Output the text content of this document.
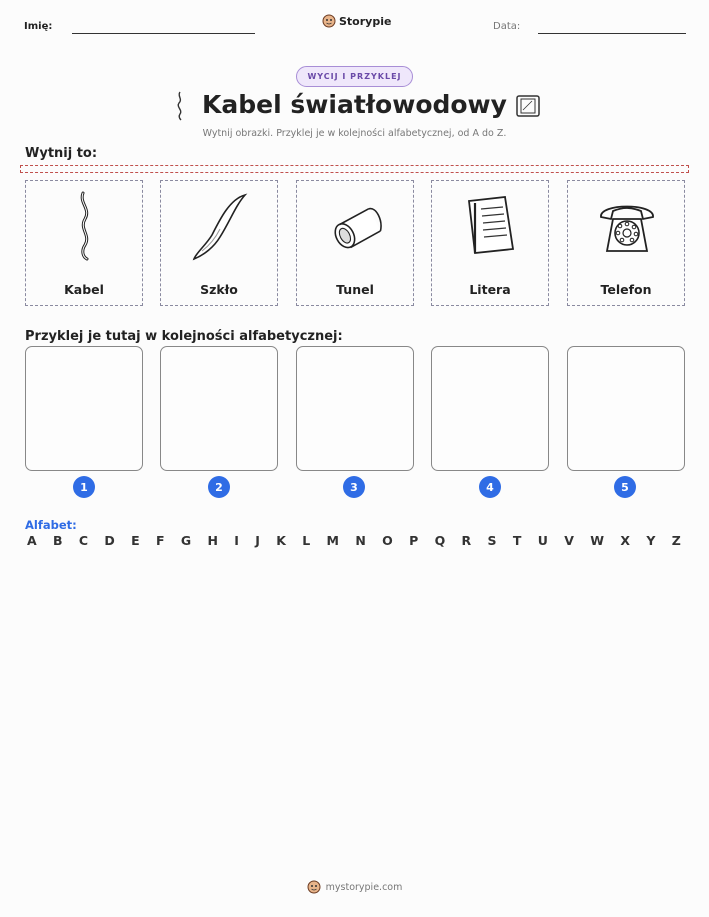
Imię:	Storypie	Data:
WYCIJ I PRZYKLEJ
Kabel światłowodowy
Wytnij obrazki. Przyklej je w kolejności alfabetycznej, od A do Z.
Wytnij to:
Kabel	Szkło	Tunel	Litera	Telefon
Przyklej je tutaj w kolejności alfabetycznej:
1	2	3	4	5
Alfabet:
A B C D E F G H I J K L M N O P Q R S T U V W X Y Z
mystorypie.com
